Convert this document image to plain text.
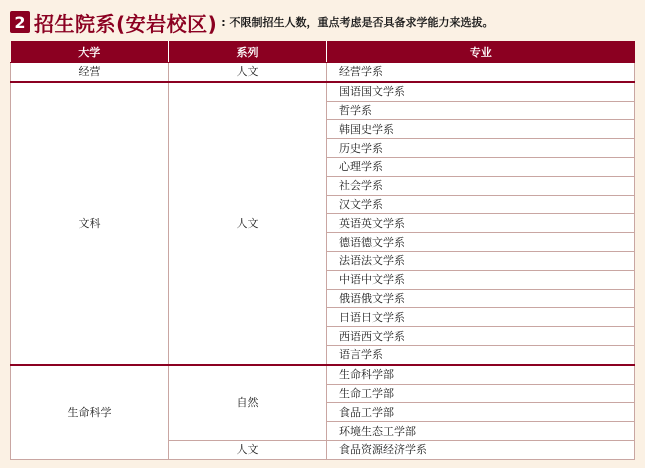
2 招生院系(安岩校区) : 不限制招生人数，重点考虑是否具备求学能力来选拔。
大学	系列	专业
经营	人文	经营学系
文科	人文	国语国文学系
		哲学系
		韩国史学系
		历史学系
		心理学系
		社会学系
		汉文学系
		英语英文学系
		德语德文学系
		法语法文学系
		中语中文学系
		俄语俄文学系
		日语日文学系
		西语西文学系
		语言学系
生命科学	自然	生命科学部
		生命工学部
		食品工学部
		环境生态工学部
	人文	食品资源经济学系
